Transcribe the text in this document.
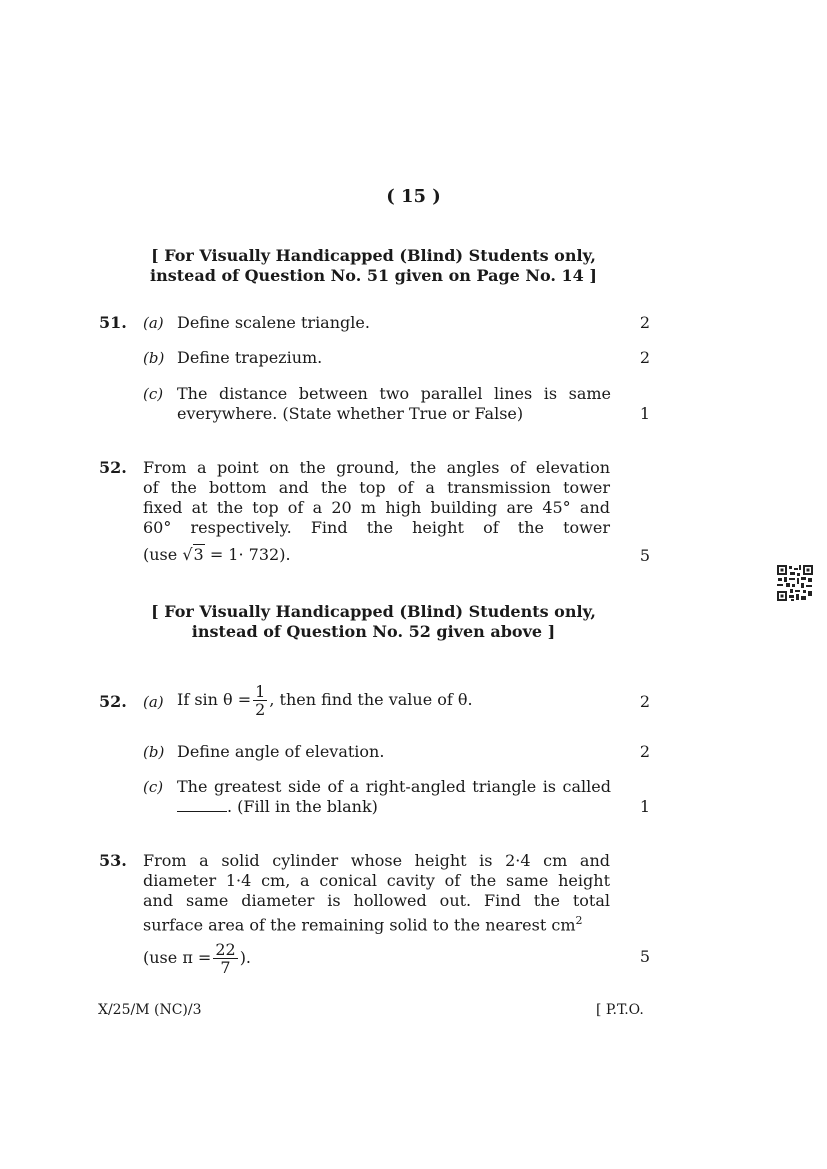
( 15 )
[ For Visually Handicapped (Blind) Students only,
instead of Question No. 51 given on Page No. 14 ]
51. (a) Define scalene triangle.	2
(b) Define trapezium.	2
(c) The distance between two parallel lines is same
everywhere. (State whether True or False)	1
52. From a point on the ground, the angles of elevation
of the bottom and the top of a transmission tower
fixed at the top of a 20 m high building are 45° and
60° respectively. Find the height of the tower
(use √3 = 1· 732).	5
[ For Visually Handicapped (Blind) Students only,
instead of Question No. 52 given above ]
52. (a) If $\sin \theta = \frac{1}{2}$ , then find the value of θ.	2
(b) Define angle of elevation.	2
(c) The greatest side of a right-angled triangle is called
. (Fill in the blank)	1
53. From a solid cylinder whose height is 2·4 cm and
diameter 1·4 cm, a conical cavity of the same height
and same diameter is hollowed out. Find the total
surface area of the remaining solid to the nearest $cm^2$
(use $\pi = \frac{22}{7}$ ).	5
X/25/M (NC)/3	[ P.T.O.
